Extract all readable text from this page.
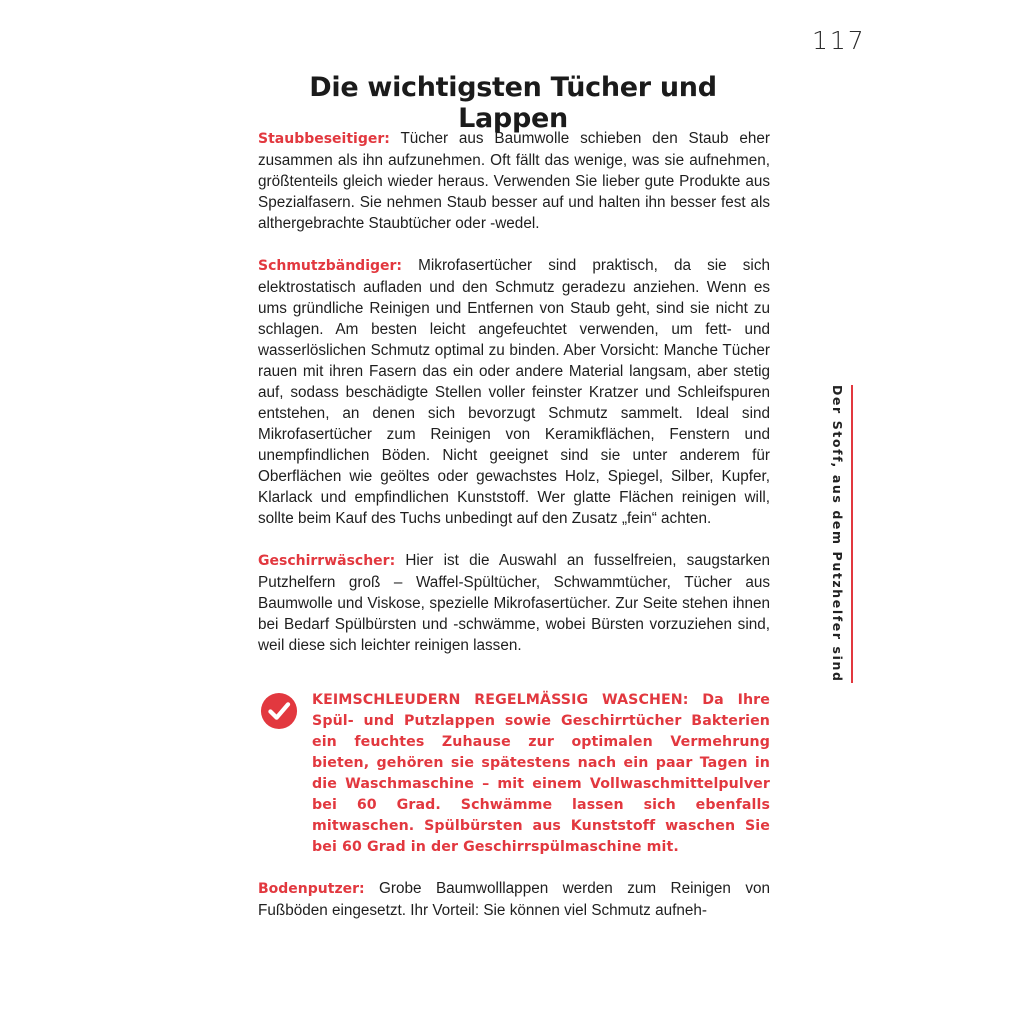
117
Die wichtigsten Tücher und Lappen

Staubbeseitiger: Tücher aus Baumwolle schieben den Staub eher zusammen als ihn aufzunehmen. Oft fällt das wenige, was sie aufnehmen, größtenteils gleich wieder heraus. Verwenden Sie lieber gute Produkte aus Spezialfasern. Sie nehmen Staub besser auf und halten ihn besser fest als althergebrachte Staubtücher oder -wedel.

Schmutzbändiger: Mikrofasertücher sind praktisch, da sie sich elektrostatisch aufladen und den Schmutz geradezu anziehen. Wenn es ums gründliche Reinigen und Entfernen von Staub geht, sind sie nicht zu schlagen. Am besten leicht angefeuchtet verwenden, um fett- und wasserlöslichen Schmutz optimal zu binden. Aber Vorsicht: Manche Tücher rauen mit ihren Fasern das ein oder andere Material langsam, aber stetig auf, sodass beschädigte Stellen voller feinster Kratzer und Schleifspuren entstehen, an denen sich bevorzugt Schmutz sammelt. Ideal sind Mikrofasertücher zum Reinigen von Keramikflächen, Fenstern und unempfindlichen Böden. Nicht geeignet sind sie unter anderem für Oberflächen wie geöltes oder gewachstes Holz, Spiegel, Silber, Kupfer, Klarlack und empfindlichen Kunststoff. Wer glatte Flächen reinigen will, sollte beim Kauf des Tuchs unbedingt auf den Zusatz „fein“ achten.

Geschirrwäscher: Hier ist die Auswahl an fusselfreien, saugstarken Putzhelfern groß – Waffel-Spültücher, Schwammtücher, Tücher aus Baumwolle und Viskose, spezielle Mikrofasertücher. Zur Seite stehen ihnen bei Bedarf Spülbürsten und -schwämme, wobei Bürsten vorzuziehen sind, weil diese sich leichter reinigen lassen.

KEIMSCHLEUDERN REGELMÄSSIG WASCHEN: Da Ihre Spül- und Putzlappen sowie Geschirrtücher Bakterien ein feuchtes Zuhause zur optimalen Vermehrung bieten, gehören sie spätestens nach ein paar Tagen in die Waschmaschine – mit einem Vollwaschmittelpulver bei 60 Grad. Schwämme lassen sich ebenfalls mitwaschen. Spülbürsten aus Kunststoff waschen Sie bei 60 Grad in der Geschirrspülmaschine mit.

Bodenputzer: Grobe Baumwolllappen werden zum Reinigen von Fußböden eingesetzt. Ihr Vorteil: Sie können viel Schmutz aufneh-

Der Stoff, aus dem Putzhelfer sind
